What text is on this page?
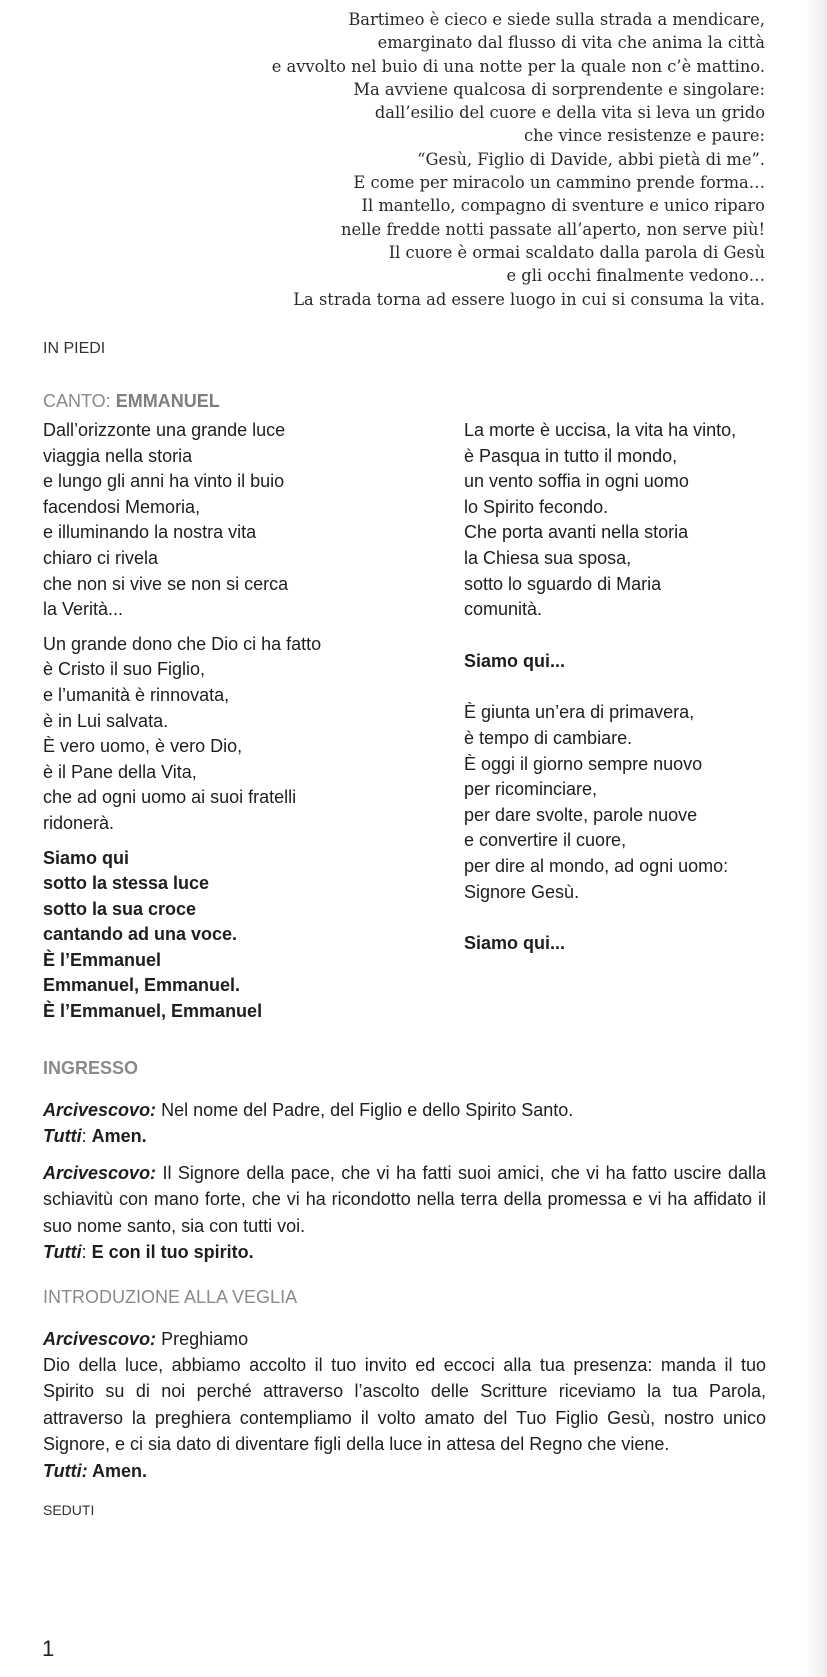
Bartimeo è cieco e siede sulla strada a mendicare,
emarginato dal flusso di vita che anima la città
e avvolto nel buio di una notte per la quale non c’è mattino.
Ma avviene qualcosa di sorprendente e singolare:
dall’esilio del cuore e della vita si leva un grido
che vince resistenze e paure:
“Gesù, Figlio di Davide, abbi pietà di me”.
E come per miracolo un cammino prende forma…
Il mantello, compagno di sventure e unico riparo
nelle fredde notti passate all’aperto, non serve più!
Il cuore è ormai scaldato dalla parola di Gesù
e gli occhi finalmente vedono…
La strada torna ad essere luogo in cui si consuma la vita.
IN PIEDI
CANTO: EMMANUEL
Dall’orizzonte una grande luce
viaggia nella storia
e lungo gli anni ha vinto il buio
facendosi Memoria,
e illuminando la nostra vita
chiaro ci rivela
che non si vive se non si cerca
la Verità...
Un grande dono che Dio ci ha fatto
è Cristo il suo Figlio,
e l’umanità è rinnovata,
è in Lui salvata.
È vero uomo, è vero Dio,
è il Pane della Vita,
che ad ogni uomo ai suoi fratelli
ridonerà.
Siamo qui
sotto la stessa luce
sotto la sua croce
cantando ad una voce.
È l’Emmanuel
Emmanuel, Emmanuel.
È l’Emmanuel, Emmanuel
La morte è uccisa, la vita ha vinto,
è Pasqua in tutto il mondo,
un vento soffia in ogni uomo
lo Spirito fecondo.
Che porta avanti nella storia
la Chiesa sua sposa,
sotto lo sguardo di Maria
comunità.
Siamo qui...
È giunta un’era di primavera,
è tempo di cambiare.
È oggi il giorno sempre nuovo
per ricominciare,
per dare svolte, parole nuove
e convertire il cuore,
per dire al mondo, ad ogni uomo:
Signore Gesù.
Siamo qui...
INGRESSO
Arcivescovo: Nel nome del Padre, del Figlio e dello Spirito Santo.
Tutti: Amen.
Arcivescovo: Il Signore della pace, che vi ha fatti suoi amici, che vi ha fatto uscire dalla schiavitù con mano forte, che vi ha ricondotto nella terra della promessa e vi ha affidato il suo nome santo, sia con tutti voi.
Tutti: E con il tuo spirito.
INTRODUZIONE ALLA VEGLIA
Arcivescovo: Preghiamo
Dio della luce, abbiamo accolto il tuo invito ed eccoci alla tua presenza: manda il tuo Spirito su di noi perché attraverso l’ascolto delle Scritture riceviamo la tua Parola, attraverso la preghiera contempliamo il volto amato del Tuo Figlio Gesù, nostro unico Signore, e ci sia dato di diventare figli della luce in attesa del Regno che viene.
Tutti: Amen.
SEDUTI
1
